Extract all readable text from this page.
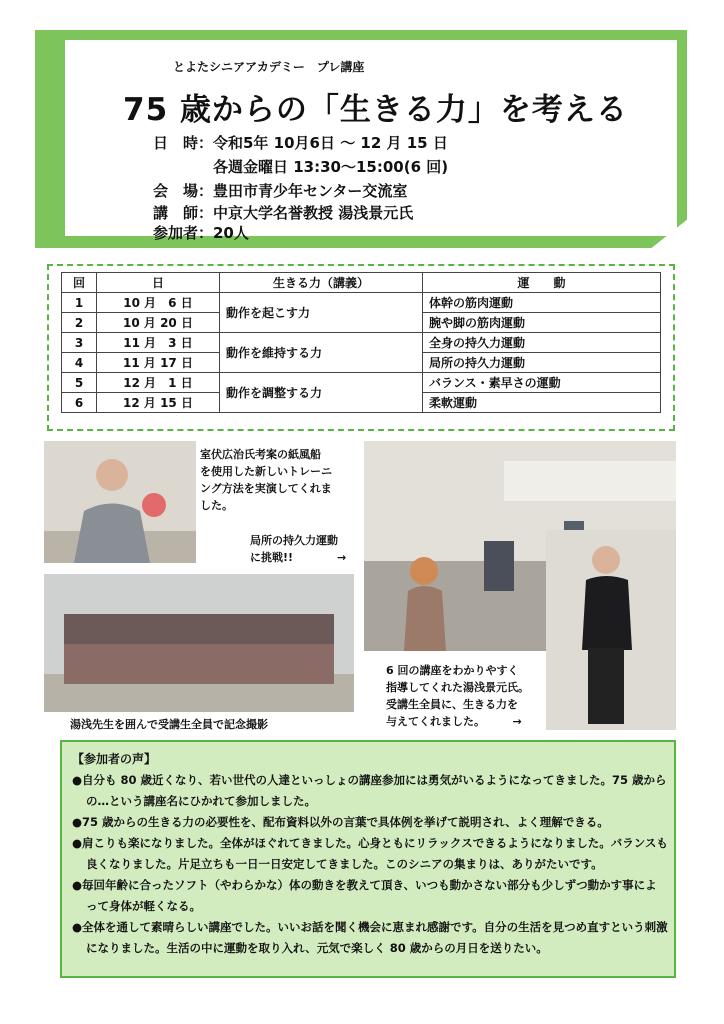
とよたシニアアカデミー　プレ講座
75 歳からの「生きる力」を考える
日　時：令和5年 10月6日 ～ 12 月 15 日
各週金曜日 13:30～15:00(6 回)
会　場：豊田市青少年センター交流室
講　師：中京大学名誉教授 湯浅景元氏
参加者：20人
回	日	生きる力（講義）	運　　動
1	10 月　6 日	動作を起こす力	体幹の筋肉運動
2	10 月 20 日		腕や脚の筋肉運動
3	11 月　3 日	動作を維持する力	全身の持久力運動
4	11 月 17 日		局所の持久力運動
5	12 月　1 日	動作を調整する力	バランス・素早さの運動
6	12 月 15 日		柔軟運動
室伏広治氏考案の紙風船
を使用した新しいトレーニ
ング方法を実演してくれま
した。
局所の持久力運動
に挑戦!!　　　　→
湯浅先生を囲んで受講生全員で記念撮影
6 回の講座をわかりやすく
指導してくれた湯浅景元氏。
受講生全員に、生きる力を
与えてくれました。　　　→
【参加者の声】
● 自分も 80 歳近くなり、若い世代の人達といっしょの講座参加には勇気がいるようになってきました。75 歳からの…という講座名にひかれて参加しました。
● 75 歳からの生きる力の必要性を、配布資料以外の言葉で具体例を挙げて説明され、よく理解できる。
● 肩こりも楽になりました。全体がほぐれてきました。心身ともにリラックスできるようになりました。バランスも良くなりました。片足立ちも一日一日安定してきました。このシニアの集まりは、ありがたいです。
● 毎回年齢に合ったソフト（やわらかな）体の動きを教えて頂き、いつも動かさない部分も少しずつ動かす事によって身体が軽くなる。
● 全体を通して素晴らしい講座でした。いいお話を聞く機会に恵まれ感謝です。自分の生活を見つめ直すという刺激になりました。生活の中に運動を取り入れ、元気で楽しく 80 歳からの月日を送りたい。
